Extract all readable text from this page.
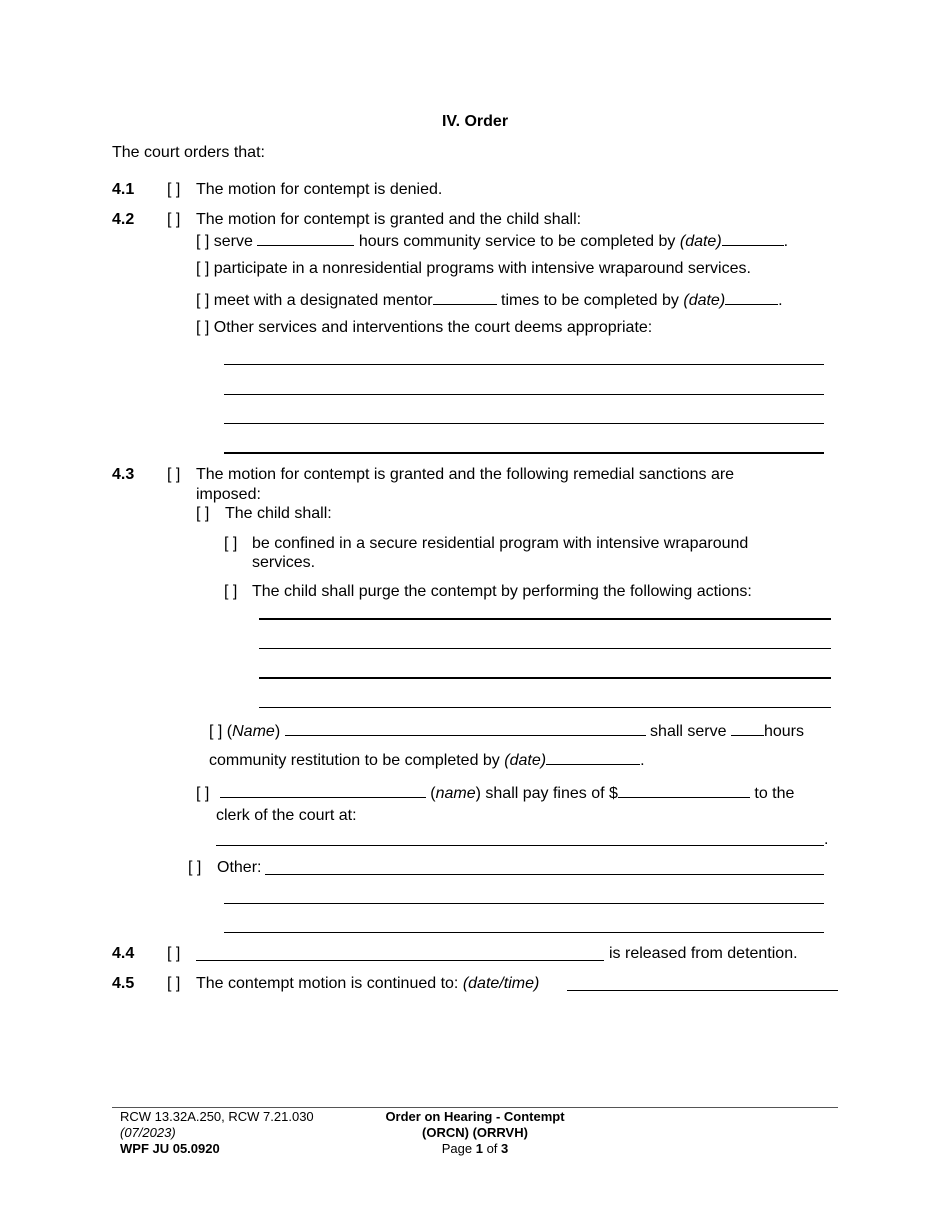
IV. Order
The court orders that:
4.1 [ ] The motion for contempt is denied.
4.2 [ ] The motion for contempt is granted and the child shall:
[ ] serve	hours community service to be completed by (date)	.
[ ] participate in a nonresidential programs with intensive wraparound services.
[ ] meet with a designated mentor	times to be completed by (date)	.
[ ] Other services and interventions the court deems appropriate:
4.3 [ ] The motion for contempt is granted and the following remedial sanctions are
imposed:
[ ] The child shall:
[ ] be confined in a secure residential program with intensive wraparound
services.
[ ] The child shall purge the contempt by performing the following actions:
[ ] (Name)	shall serve hours
community restitution to be completed by (date)	.
[ ]	(name) shall pay fines of $	to the
clerk of the court at:
.
[ ] Other:
4.4 [ ]	is released from detention.
4.5 [ ] The contempt motion is continued to: (date/time)
RCW 13.32A.250, RCW 7.21.030
(07/2023)
WPF JU 05.0920
Order on Hearing - Contempt
(ORCN) (ORRVH)
Page 1 of 3
